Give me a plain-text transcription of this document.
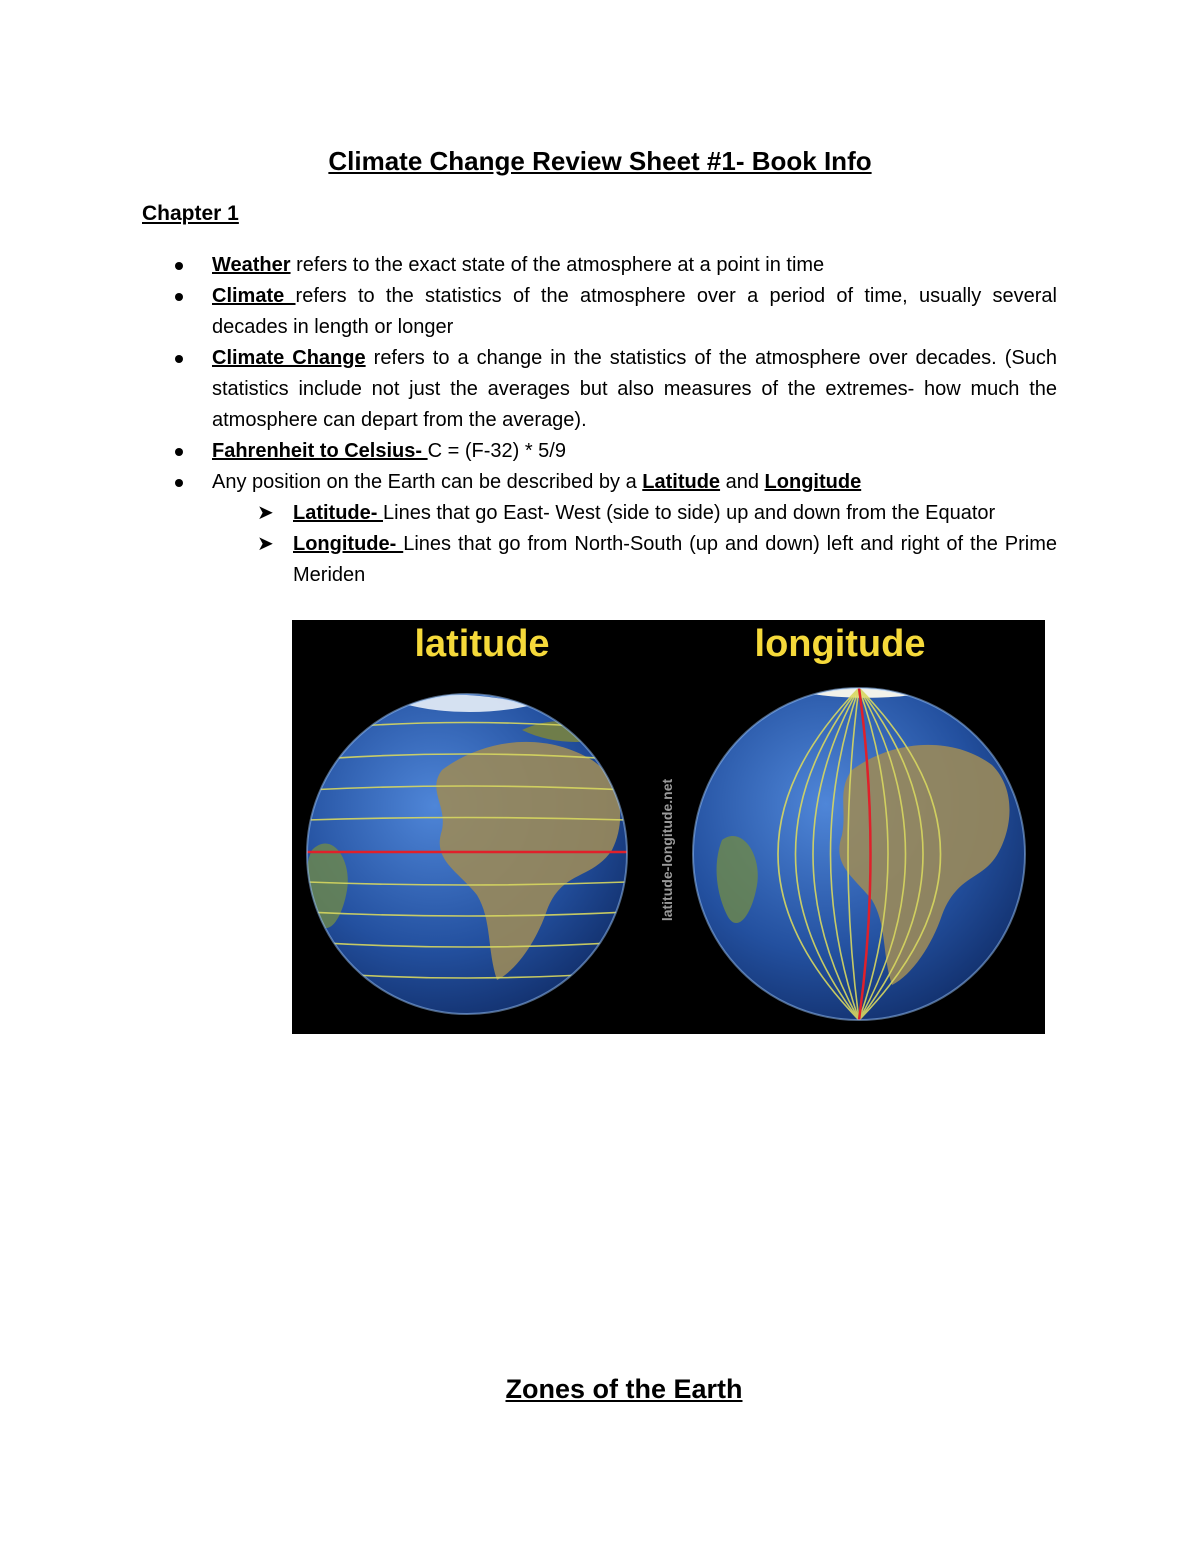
Climate Change Review Sheet #1- Book Info
Chapter 1

Weather refers to the exact state of the atmosphere at a point in time

Climate refers to the statistics of the atmosphere over a period of time, usually several decades in length or longer

Climate Change refers to a change in the statistics of the atmosphere over decades. (Such statistics include not just the averages but also measures of the extremes- how much the atmosphere can depart from the average).

Fahrenheit to Celsius- C = (F-32) * 5/9

Any position on the Earth can be described by a Latitude and Longitude

➤ Latitude- Lines that go East- West (side to side) up and down from the Equator

➤ Longitude- Lines that go from North-South (up and down) left and right of the Prime Meriden

latitude	longitude
latitude-longitude.net
Zones of the Earth
